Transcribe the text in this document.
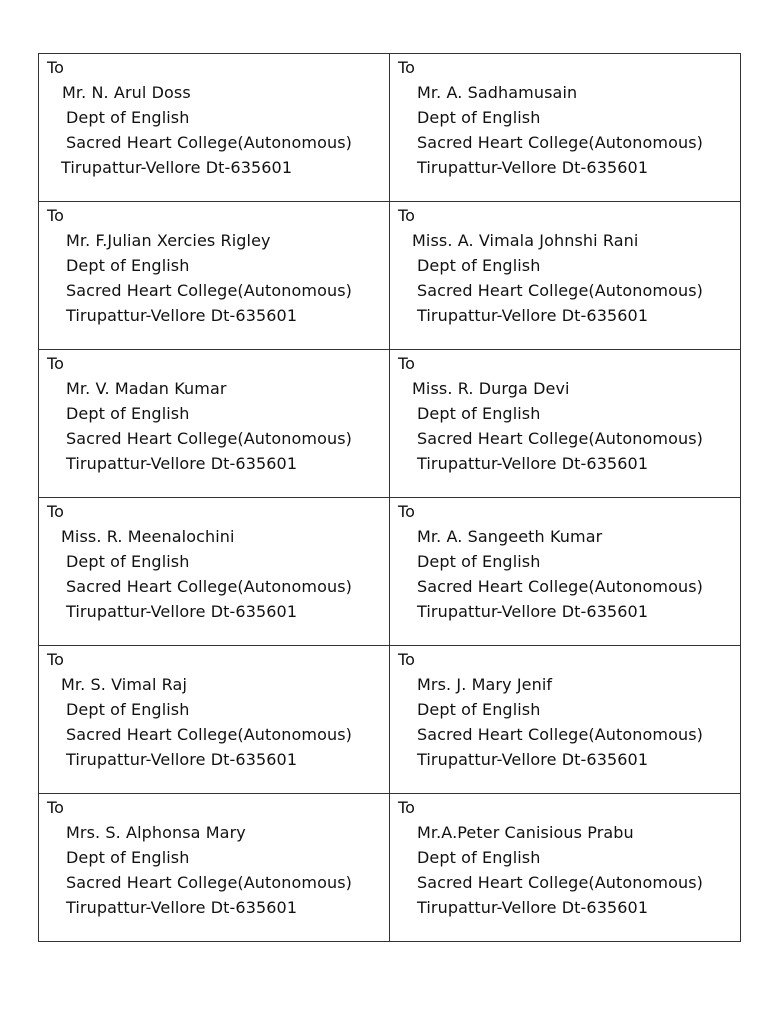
To
Mr. N. Arul Doss
Dept of English
Sacred Heart College(Autonomous)
Tirupattur-Vellore Dt-635601	To
Mr. A. Sadhamusain
Dept of English
Sacred Heart College(Autonomous)
Tirupattur-Vellore Dt-635601

To
Mr. F.Julian Xercies Rigley
Dept of English
Sacred Heart College(Autonomous)
Tirupattur-Vellore Dt-635601	To
Miss. A. Vimala Johnshi Rani
Dept of English
Sacred Heart College(Autonomous)
Tirupattur-Vellore Dt-635601

To
Mr. V. Madan Kumar
Dept of English
Sacred Heart College(Autonomous)
Tirupattur-Vellore Dt-635601	To
Miss. R. Durga Devi
Dept of English
Sacred Heart College(Autonomous)
Tirupattur-Vellore Dt-635601

To
Miss. R. Meenalochini
Dept of English
Sacred Heart College(Autonomous)
Tirupattur-Vellore Dt-635601	To
Mr. A. Sangeeth Kumar
Dept of English
Sacred Heart College(Autonomous)
Tirupattur-Vellore Dt-635601

To
Mr. S. Vimal Raj
Dept of English
Sacred Heart College(Autonomous)
Tirupattur-Vellore Dt-635601	To
Mrs. J. Mary Jenif
Dept of English
Sacred Heart College(Autonomous)
Tirupattur-Vellore Dt-635601

To
Mrs. S. Alphonsa Mary
Dept of English
Sacred Heart College(Autonomous)
Tirupattur-Vellore Dt-635601	To
Mr.A.Peter Canisious Prabu
Dept of English
Sacred Heart College(Autonomous)
Tirupattur-Vellore Dt-635601
